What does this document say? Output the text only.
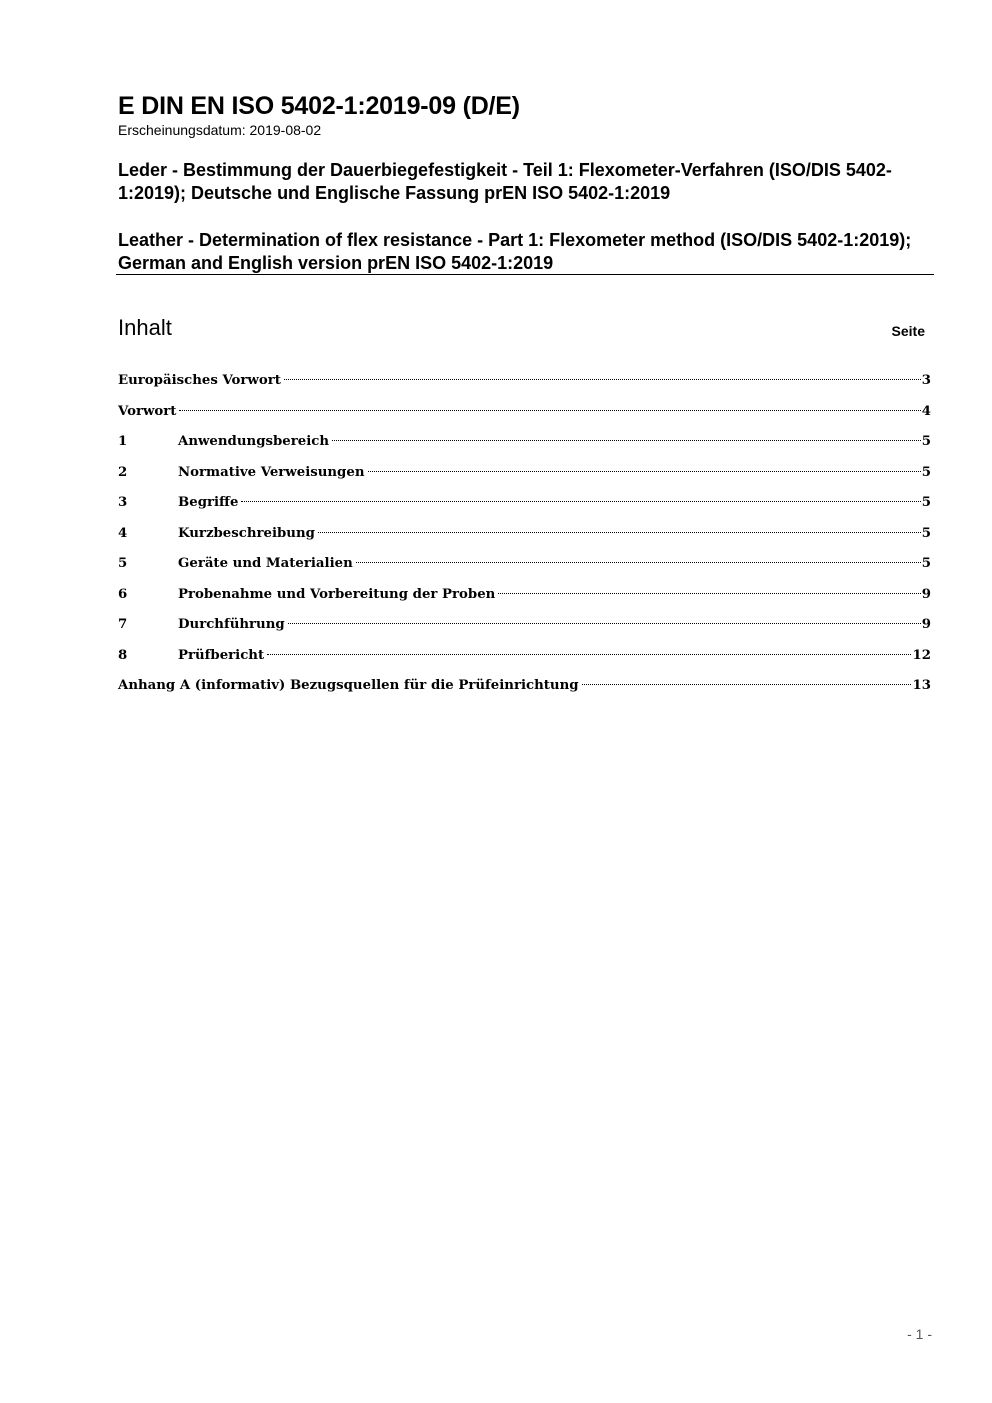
E DIN EN ISO 5402-1:2019-09 (D/E)
Erscheinungsdatum: 2019-08-02
Leder - Bestimmung der Dauerbiegefestigkeit - Teil 1: Flexometer-Verfahren (ISO/DIS 5402-1:2019); Deutsche und Englische Fassung prEN ISO 5402-1:2019
Leather - Determination of flex resistance - Part 1: Flexometer method (ISO/DIS 5402-1:2019); German and English version prEN ISO 5402-1:2019
Inhalt	Seite
Europäisches Vorwort	3
Vorwort	4
1	Anwendungsbereich	5
2	Normative Verweisungen	5
3	Begriffe	5
4	Kurzbeschreibung	5
5	Geräte und Materialien	5
6	Probenahme und Vorbereitung der Proben	9
7	Durchführung	9
8	Prüfbericht	12
Anhang A (informativ) Bezugsquellen für die Prüfeinrichtung	13
- 1 -
